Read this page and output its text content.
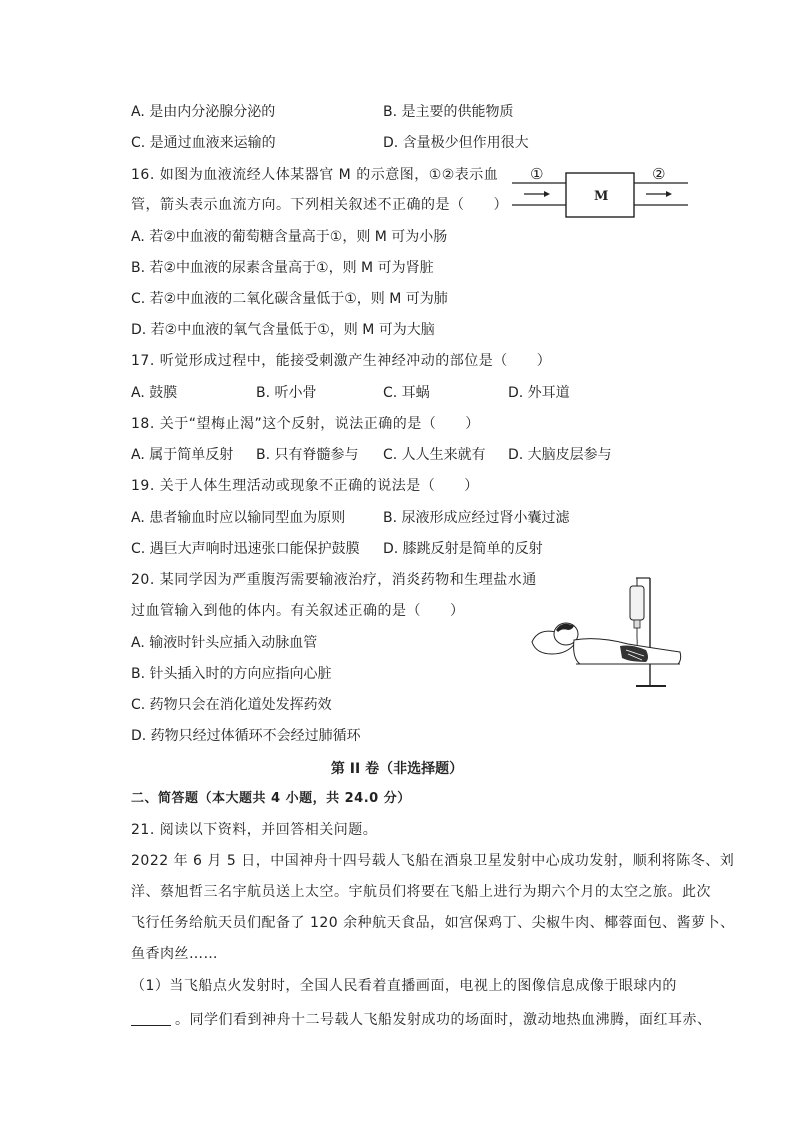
A. 是由内分泌腺分泌的	B. 是主要的供能物质
C. 是通过血液来运输的	D. 含量极少但作用很大
16. 如图为血液流经人体某器官 M 的示意图，①②表示血
管，箭头表示血流方向。下列相关叙述不正确的是（　　）
①	②
M
A. 若②中血液的葡萄糖含量高于①，则 M 可为小肠
B. 若②中血液的尿素含量高于①，则 M 可为肾脏
C. 若②中血液的二氧化碳含量低于①，则 M 可为肺
D. 若②中血液的氧气含量低于①，则 M 可为大脑
17. 听觉形成过程中，能接受刺激产生神经冲动的部位是（　　）
A. 鼓膜	B. 听小骨	C. 耳蜗	D. 外耳道
18. 关于“望梅止渴”这个反射，说法正确的是（　　）
A. 属于简单反射 B. 只有脊髓参与 C. 人人生来就有 D. 大脑皮层参与
19. 关于人体生理活动或现象不正确的说法是（　　）
A. 患者输血时应以输同型血为原则	B. 尿液形成应经过肾小囊过滤
C. 遇巨大声响时迅速张口能保护鼓膜 D. 膝跳反射是简单的反射
20. 某同学因为严重腹泻需要输液治疗，消炎药物和生理盐水通
过血管输入到他的体内。有关叙述正确的是（　　）
A. 输液时针头应插入动脉血管
B. 针头插入时的方向应指向心脏
C. 药物只会在消化道处发挥药效
D. 药物只经过体循环不会经过肺循环
第 II 卷（非选择题）
二、简答题（本大题共 4 小题，共 24.0 分）
21. 阅读以下资料，并回答相关问题。
2022 年 6 月 5 日，中国神舟十四号载人飞船在酒泉卫星发射中心成功发射，顺利将陈冬、刘
洋、蔡旭哲三名宇航员送上太空。宇航员们将要在飞船上进行为期六个月的太空之旅。此次
飞行任务给航天员们配备了 120 余种航天食品，如宫保鸡丁、尖椒牛肉、椰蓉面包、酱萝卜、
鱼香肉丝……
（1）当飞船点火发射时，全国人民看着直播画面，电视上的图像信息成像于眼球内的
。同学们看到神舟十二号载人飞船发射成功的场面时，激动地热血沸腾，面红耳赤、
